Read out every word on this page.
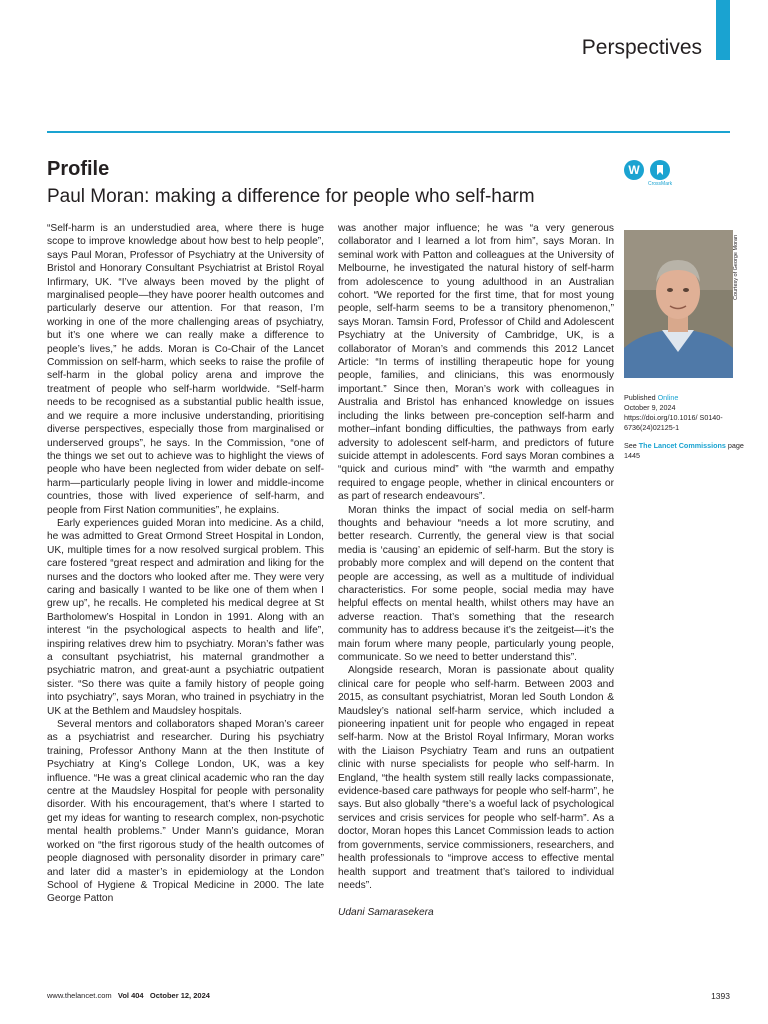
Perspectives
Profile
Paul Moran: making a difference for people who self-harm
W
CrossMark

“Self-harm is an understudied area, where there is huge scope to improve knowledge about how best to help people”, says Paul Moran, Professor of Psychiatry at the University of Bristol and Honorary Consultant Psychiatrist at Bristol Royal Infirmary, UK. “I’ve always been moved by the plight of marginalised people—they have poorer health outcomes and particularly deserve our attention. For that reason, I’m working in one of the more challenging areas of psychiatry, but it’s one where we can really make a difference to people’s lives,” he adds. Moran is Co-Chair of the Lancet Commission on self-harm, which seeks to raise the profile of self-harm in the global policy arena and improve the treatment of people who self-harm worldwide. “Self-harm needs to be recognised as a substantial public health issue, and we require a more inclusive understanding, prioritising diverse perspectives, especially those from marginalised or underserved groups”, he says. In the Commission, “one of the things we set out to achieve was to highlight the views of people who have been neglected from wider debate on self-harm—particularly people living in lower and middle-income countries, those with lived experience of self-harm, and people from First Nation communities”, he explains.

Early experiences guided Moran into medicine. As a child, he was admitted to Great Ormond Street Hospital in London, UK, multiple times for a now resolved surgical problem. This care fostered “great respect and admiration and liking for the nurses and the doctors who looked after me. They were very caring and basically I wanted to be like one of them when I grew up”, he recalls. He completed his medical degree at St Bartholomew’s Hospital in London in 1991. Along with an interest “in the psychological aspects to health and life”, inspiring relatives drew him to psychiatry. Moran’s father was a consultant psychiatrist, his maternal grandmother a psychiatric matron, and great-aunt a psychiatric outpatient sister. “So there was quite a family history of people going into psychiatry”, says Moran, who trained in psychiatry in the UK at the Bethlem and Maudsley hospitals.

Several mentors and collaborators shaped Moran’s career as a psychiatrist and researcher. During his psychiatry training, Professor Anthony Mann at the then Institute of Psychiatry at King’s College London, UK, was a key influence. “He was a great clinical academic who ran the day centre at the Maudsley Hospital for people with personality disorder. With his encouragement, that’s where I started to get my ideas for wanting to research complex, non-psychotic mental health problems.” Under Mann’s guidance, Moran worked on “the first rigorous study of the health outcomes of people diagnosed with personality disorder in primary care” and later did a master’s in epidemiology at the London School of Hygiene & Tropical Medicine in 2000. The late George Patton

was another major influence; he was “a very generous collaborator and I learned a lot from him”, says Moran. In seminal work with Patton and colleagues at the University of Melbourne, he investigated the natural history of self-harm from adolescence to young adulthood in an Australian cohort. “We reported for the first time, that for most young people, self-harm seems to be a transitory phenomenon,” says Moran. Tamsin Ford, Professor of Child and Adolescent Psychiatry at the University of Cambridge, UK, is a collaborator of Moran’s and commends this 2012 Lancet Article: “In terms of instilling therapeutic hope for young people, families, and clinicians, this was enormously important.” Since then, Moran’s work with colleagues in Australia and Bristol has enhanced knowledge on issues including the links between pre-conception self-harm and mother–infant bonding difficulties, the pathways from early adversity to adolescent self-harm, and predictors of future suicide attempt in adolescents. Ford says Moran combines a “quick and curious mind” with “the warmth and empathy required to engage people, whether in clinical encounters or as part of research endeavours”.

Moran thinks the impact of social media on self-harm thoughts and behaviour “needs a lot more scrutiny, and better research. Currently, the general view is that social media is ‘causing’ an epidemic of self-harm. But the story is probably more complex and will depend on the content that people are accessing, as well as a multitude of individual characteristics. For some people, social media may have helpful effects on mental health, whilst others may have an adverse reaction. That’s something that the research community has to address because it’s the zeitgeist—it’s the main forum where many people, particularly young people, communicate. So we need to better understand this”.

Alongside research, Moran is passionate about quality clinical care for people who self-harm. Between 2003 and 2015, as consultant psychiatrist, Moran led South London & Maudsley’s national self-harm service, which included a pioneering inpatient unit for people who engaged in repeat self-harm. Now at the Bristol Royal Infirmary, Moran works with the Liaison Psychiatry Team and runs an outpatient clinic with nurse specialists for people who self-harm. In England, “the health system still really lacks compassionate, evidence-based care pathways for people who self-harm”, he says. But also globally “there’s a woeful lack of psychological services and crisis services for people who self-harm”. As a doctor, Moran hopes this Lancet Commission leads to action from governments, service commissioners, researchers, and health professionals to “improve access to effective mental health support and treatment that’s tailored to individual needs”.

Udani Samarasekera

Courtesy of George Moran
Published Online
October 9, 2024
https://doi.org/10.1016/ S0140-6736(24)02125-1
See The Lancet Commissions page 1445
www.thelancet.com Vol 404 October 12, 2024	1393
